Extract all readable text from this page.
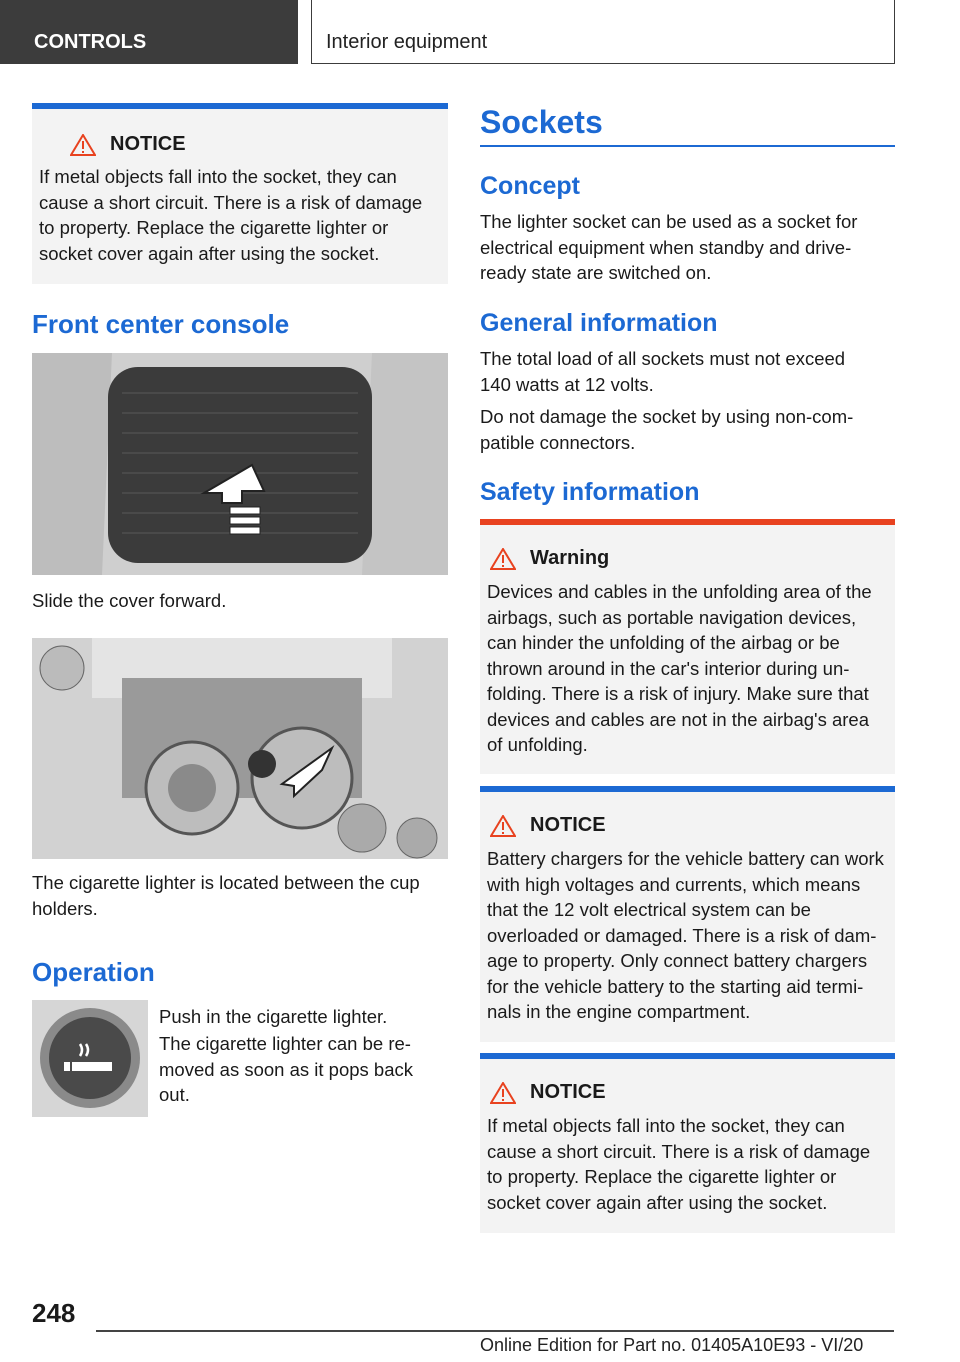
CONTROLS	Interior equipment
NOTICE
If metal objects fall into the socket, they can cause a short circuit. There is a risk of damage to property. Replace the cigarette lighter or socket cover again after using the socket.
Front center console

Slide the cover forward.

The cigarette lighter is located between the cup holders.

Operation

Push in the cigarette lighter.

The cigarette lighter can be re-moved as soon as it pops back out.

Sockets
Concept

The lighter socket can be used as a socket for electrical equipment when standby and drive-ready state are switched on.

General information

The total load of all sockets must not exceed 140 watts at 12 volts.

Do not damage the socket by using non-com-patible connectors.

Safety information
Warning
Devices and cables in the unfolding area of the airbags, such as portable navigation devices, can hinder the unfolding of the airbag or be thrown around in the car's interior during un-folding. There is a risk of injury. Make sure that devices and cables are not in the airbag's area of unfolding.
NOTICE
Battery chargers for the vehicle battery can work with high voltages and currents, which means that the 12 volt electrical system can be overloaded or damaged. There is a risk of dam-age to property. Only connect battery chargers for the vehicle battery to the starting aid termi-nals in the engine compartment.
NOTICE
If metal objects fall into the socket, they can cause a short circuit. There is a risk of damage to property. Replace the cigarette lighter or socket cover again after using the socket.
248
Online Edition for Part no. 01405A10E93 - VI/20
